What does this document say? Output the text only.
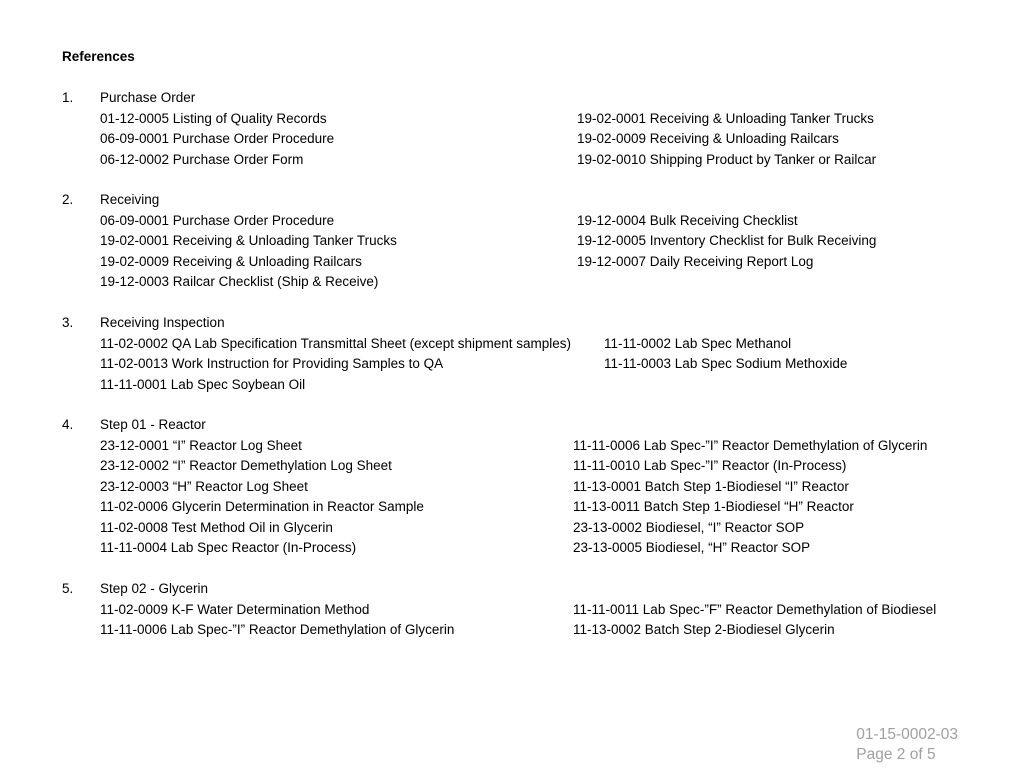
References
1. Purchase Order
01-12-0005 Listing of Quality Records	19-02-0001 Receiving & Unloading Tanker Trucks
06-09-0001 Purchase Order Procedure	19-02-0009 Receiving & Unloading Railcars
06-12-0002 Purchase Order Form	19-02-0010 Shipping Product by Tanker or Railcar
2. Receiving
06-09-0001 Purchase Order Procedure	19-12-0004 Bulk Receiving Checklist
19-02-0001 Receiving & Unloading Tanker Trucks	19-12-0005 Inventory Checklist for Bulk Receiving
19-02-0009 Receiving & Unloading Railcars	19-12-0007 Daily Receiving Report Log
19-12-0003 Railcar Checklist (Ship & Receive)
3. Receiving Inspection
11-02-0002 QA Lab Specification Transmittal Sheet (except shipment samples) 11-11-0002 Lab Spec Methanol
11-02-0013 Work Instruction for Providing Samples to QA	11-11-0003 Lab Spec Sodium Methoxide
11-11-0001 Lab Spec Soybean Oil
4. Step 01 - Reactor
23-12-0001 “I” Reactor Log Sheet	11-11-0006 Lab Spec-”I” Reactor Demethylation of Glycerin
23-12-0002 “I” Reactor Demethylation Log Sheet	11-11-0010 Lab Spec-”I” Reactor (In-Process)
23-12-0003 “H” Reactor Log Sheet	11-13-0001 Batch Step 1-Biodiesel “I” Reactor
11-02-0006 Glycerin Determination in Reactor Sample	11-13-0011 Batch Step 1-Biodiesel “H” Reactor
11-02-0008 Test Method Oil in Glycerin	23-13-0002 Biodiesel, “I” Reactor SOP
11-11-0004 Lab Spec Reactor (In-Process)	23-13-0005 Biodiesel, “H” Reactor SOP
5. Step 02 - Glycerin
11-02-0009 K-F Water Determination Method	11-11-0011 Lab Spec-”F” Reactor Demethylation of Biodiesel
11-11-0006 Lab Spec-”I” Reactor Demethylation of Glycerin	11-13-0002 Batch Step 2-Biodiesel Glycerin
01-15-0002-03
Page 2 of 5
